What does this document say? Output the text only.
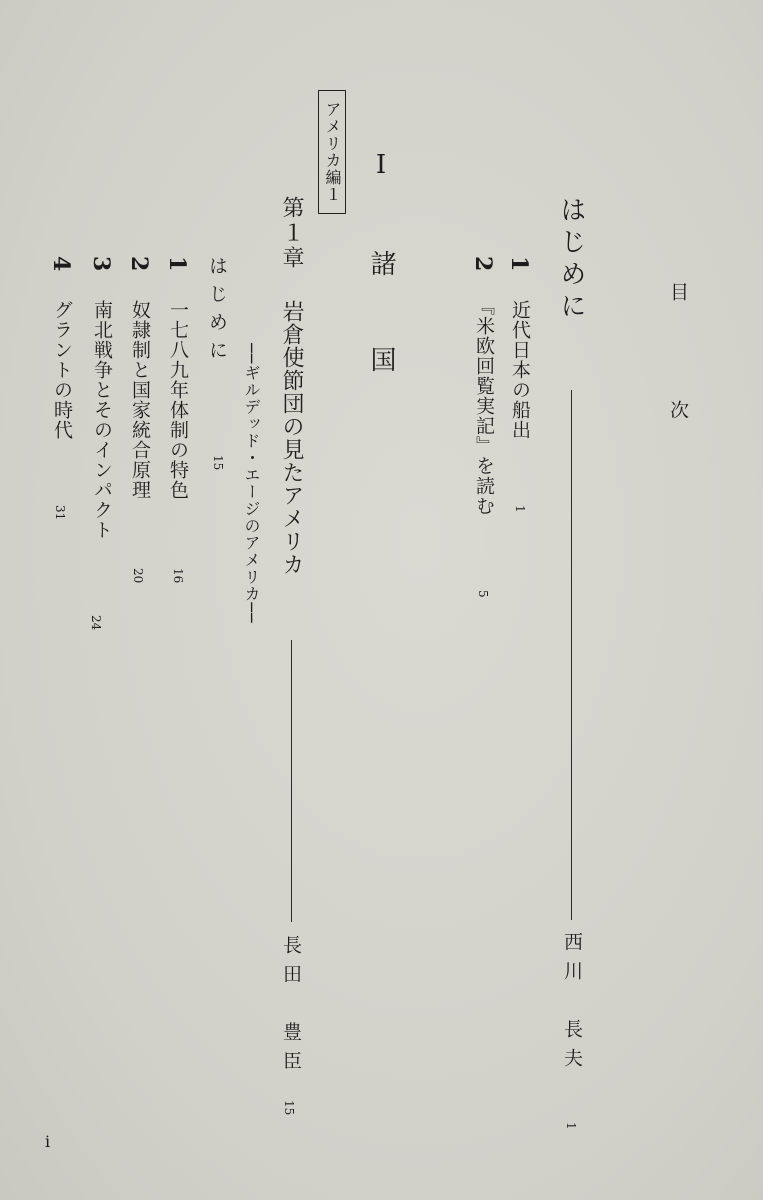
目　次
はじめに
西川　長夫
1
1
近代日本の船出
1
2
『米欧回覧実記』を読む
5
Ⅰ　諸　国
アメリカ編１
第１章
岩倉使節団の見たアメリカ
──ギルデッド・エージのアメリカ──
長田　豊臣
15
はじめに
15
1
一七八九年体制の特色
16
2
奴隷制と国家統合原理
20
3
南北戦争とそのインパクト
24
4
グラントの時代
31
i
